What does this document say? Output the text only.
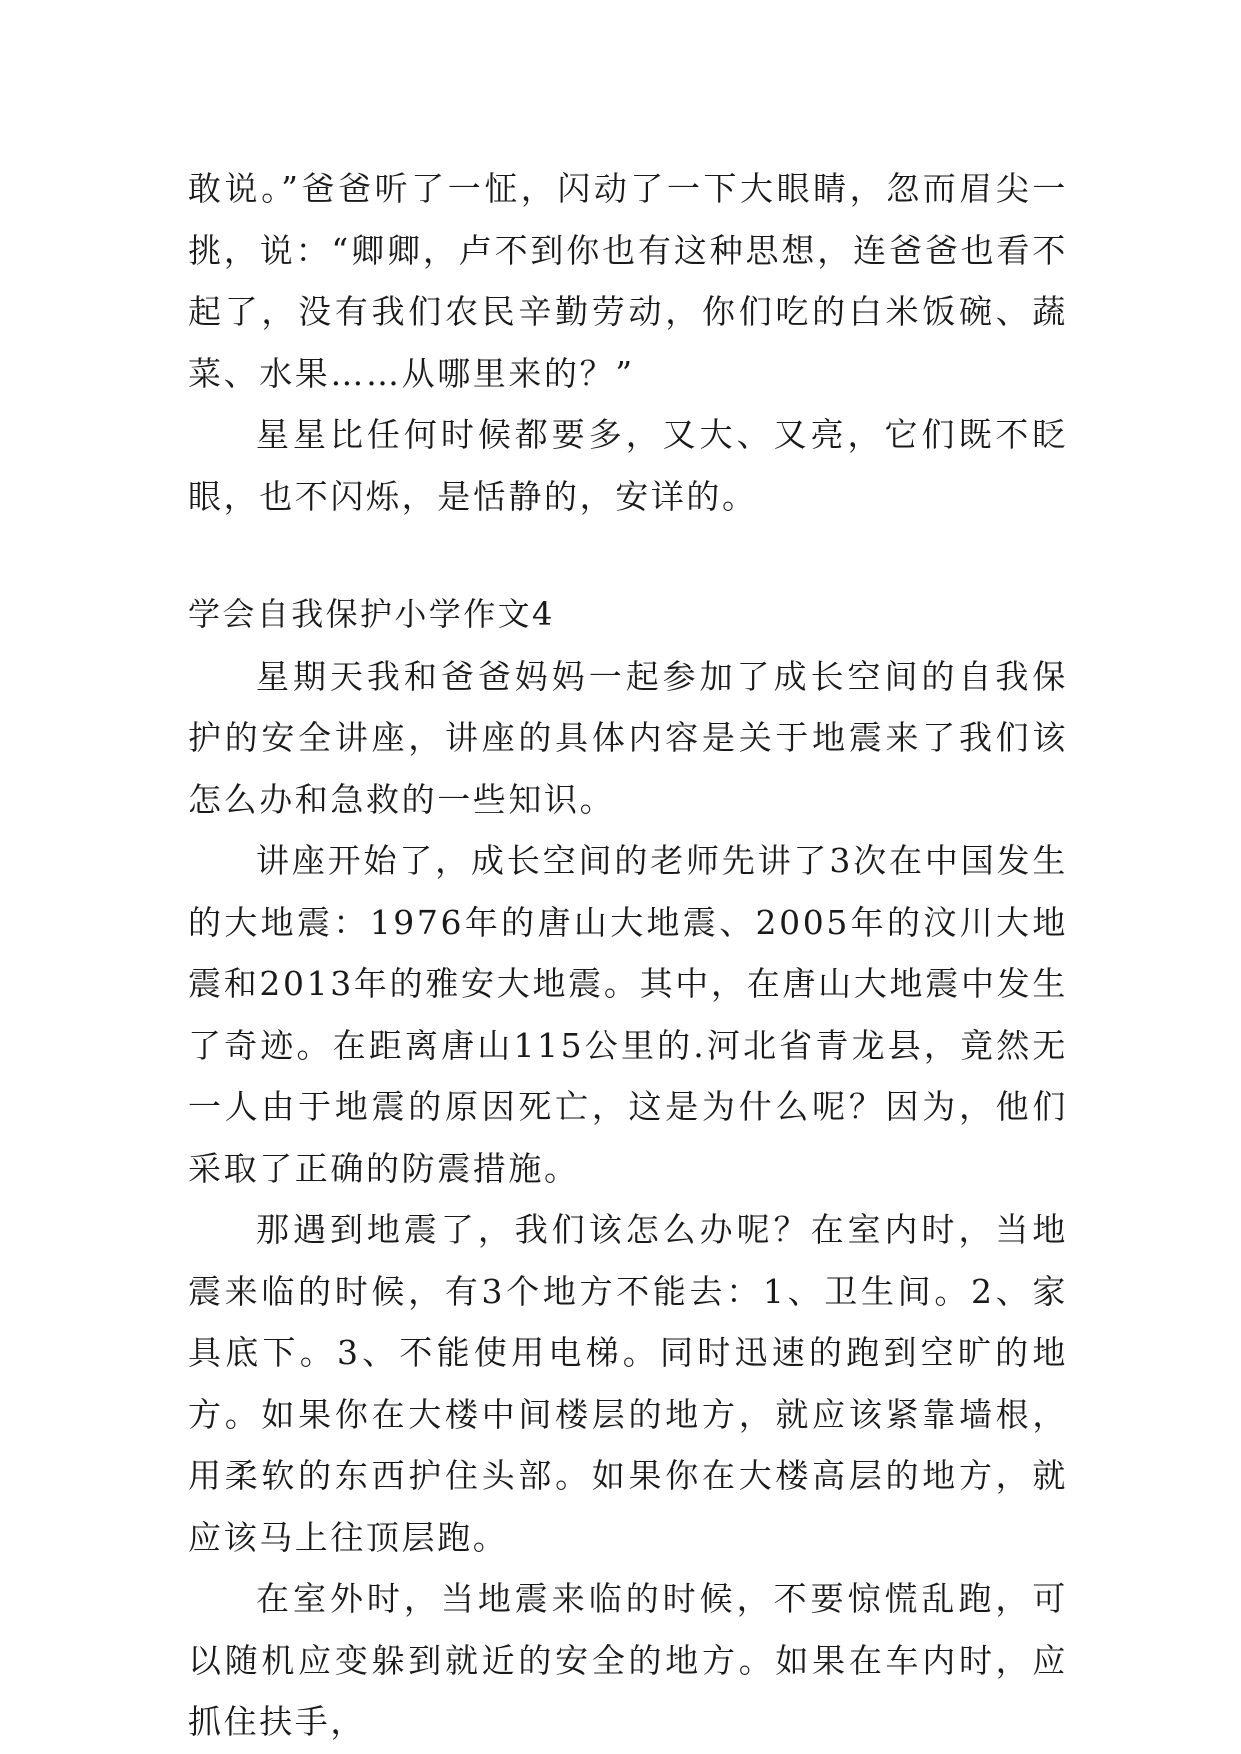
敢说。”爸爸听了一怔，闪动了一下大眼睛，忽而眉尖一挑，说：“卿卿，卢不到你也有这种思想，连爸爸也看不起了，没有我们农民辛勤劳动，你们吃的白米饭碗、蔬菜、水果……从哪里来的？”

星星比任何时候都要多，又大、又亮，它们既不眨眼，也不闪烁，是恬静的，安详的。

学会自我保护小学作文4

星期天我和爸爸妈妈一起参加了成长空间的自我保护的安全讲座，讲座的具体内容是关于地震来了我们该怎么办和急救的一些知识。

讲座开始了，成长空间的老师先讲了3次在中国发生的大地震：1976年的唐山大地震、2005年的汶川大地震和2013年的雅安大地震。其中，在唐山大地震中发生了奇迹。在距离唐山115公里的.河北省青龙县，竟然无一人由于地震的原因死亡，这是为什么呢？因为，他们采取了正确的防震措施。

那遇到地震了，我们该怎么办呢？在室内时，当地震来临的时候，有3个地方不能去：1、卫生间。2、家具底下。3、不能使用电梯。同时迅速的跑到空旷的地方。如果你在大楼中间楼层的地方，就应该紧靠墙根，用柔软的东西护住头部。如果你在大楼高层的地方，就应该马上往顶层跑。

在室外时，当地震来临的时候，不要惊慌乱跑，可以随机应变躲到就近的安全的地方。如果在车内时，应抓住扶手，
